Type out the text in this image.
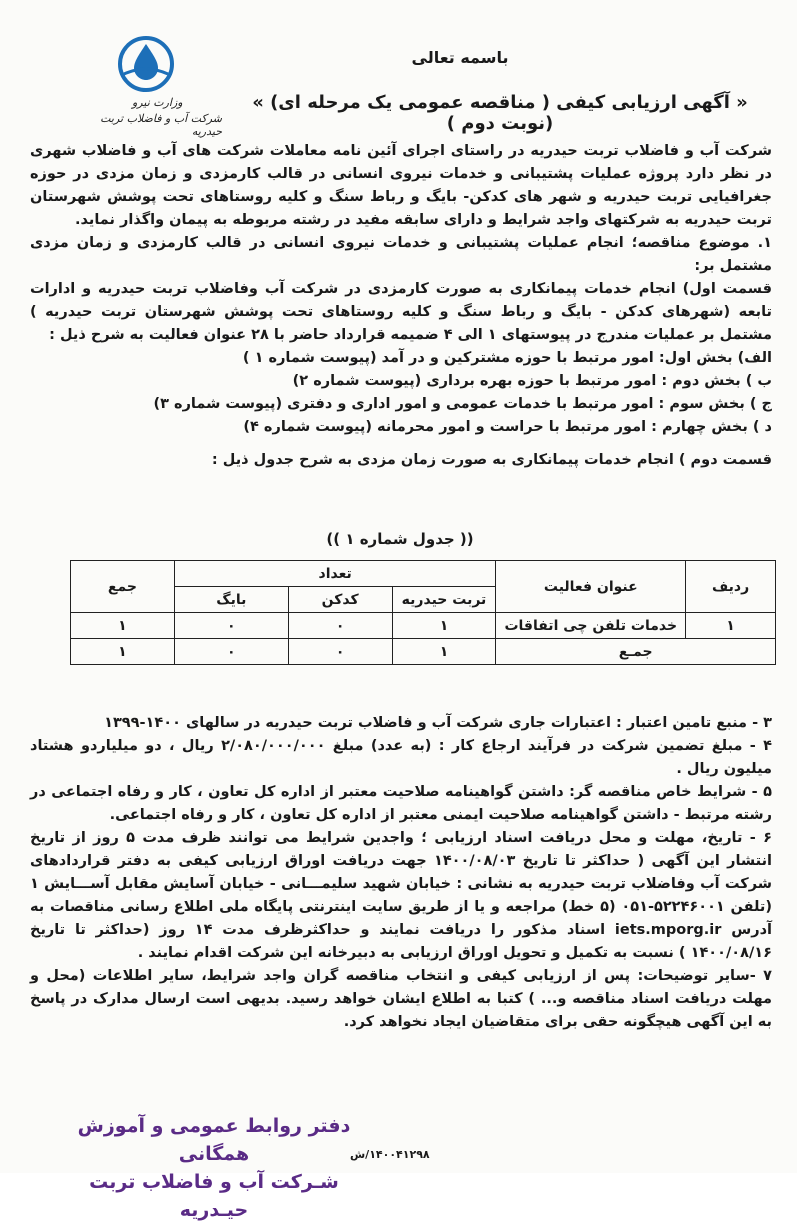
وزارت نیرو
شرکت آب و فاضلاب تربت حیدریه
باسمه تعالی
« آگهی ارزیابی کیفی ( مناقصه عمومی یک مرحله ای) » (نوبت دوم )

شرکت آب و فاضلاب تربت حیدریه در راستای اجرای آئین نامه معاملات شرکت های آب و فاضلاب شهری در نظر دارد پروژه عملیات پشتیبانی و خدمات نیروی انسانی در قالب کارمزدی و زمان مزدی در حوزه جغرافیایی تربت حیدریه و شهر های کدکن- بایگ و رباط سنگ و کلیه روستاهای تحت پوشش شهرستان تربت حیدریه به شرکتهای واجد شرایط و دارای سابقه مفید در رشته مربوطه به پیمان واگذار نماید.

۱. موضوع مناقصه؛ انجام عملیات پشتیبانی و خدمات نیروی انسانی در قالب کارمزدی و زمان مزدی مشتمل بر:

قسمت اول) انجام خدمات پیمانکاری به صورت کارمزدی در شرکت آب وفاضلاب تربت حیدریه و ادارات تابعه (شهرهای کدکن - بایگ و رباط سنگ و کلیه روستاهای تحت پوشش شهرستان تربت حیدریه ) مشتمل بر عملیات مندرج در پیوستهای ۱ الی ۴ ضمیمه قرارداد حاضر با ۲۸ عنوان فعالیت به شرح ذیل :

الف) بخش اول: امور مرتبط با حوزه مشترکین و در آمد (پیوست شماره ۱ )

ب ) بخش دوم : امور مرتبط با حوزه بهره برداری (پیوست شماره ۲)

ج ) بخش سوم : امور مرتبط با خدمات عمومی و امور اداری و دفتری (پیوست شماره ۳)

د ) بخش چهارم : امور مرتبط با حراست و امور محرمانه (پیوست شماره ۴)

قسمت دوم ) انجام خدمات پیمانکاری به صورت زمان مزدی به شرح جدول ذیل :

(( جدول شماره ۱ ))
ردیف	عنوان فعالیت	تعداد			جمع
		تربت حیدریه	کدکن	بایگ	
۱	خدمات تلفن چی اتفاقات	۱	۰	۰	۱
جمـع		۱	۰	۰	۱

۳ - منبع تامین اعتبار : اعتبارات جاری شرکت آب و فاضلاب تربت حیدریه در سالهای ۱۴۰۰-۱۳۹۹

۴ - مبلغ تضمین شرکت در فرآیند ارجاع کار : (به عدد) مبلغ ۲/۰۸۰/۰۰۰/۰۰۰ ریال ، دو میلیاردو هشتاد میلیون ریال .

۵ - شرایط خاص مناقصه گر: داشتن گواهینامه صلاحیت معتبر از اداره کل تعاون ، کار و رفاه اجتماعی در رشته مرتبط - داشتن گواهینامه صلاحیت ایمنی معتبر از اداره کل تعاون ، کار و رفاه اجتماعی.

۶ - تاریخ، مهلت و محل دریافت اسناد ارزیابی ؛ واجدین شرایط می توانند ظرف مدت ۵ روز از تاریخ انتشار این آگهی ( حداکثر تا تاریخ ۱۴۰۰/۰۸/۰۳ جهت دریافت اوراق ارزیابی کیفی به دفتر قراردادهای شرکت آب وفاضلاب تربت حیدریه به نشانی : خیابان شهید سلیمـــانی - خیابان آسایش مقابل آســـایش ۱ (تلفن ۵۲۲۴۶۰۰۱-۰۵۱ (۵ خط) مراجعه و یا از طریق سایت اینترنتی پایگاه ملی اطلاع رسانی مناقصات به آدرس iets.mporg.ir اسناد مذکور را دریافت نمایند و حداکثرظرف مدت ۱۴ روز (حداکثر تا تاریخ ۱۴۰۰/۰۸/۱۶ ) نسبت به تکمیل و تحویل اوراق ارزیابی به دبیرخانه این شرکت اقدام نمایند .

۷ -سایر توضیحات: پس از ارزیابی کیفی و انتخاب مناقصه گران واجد شرایط، سایر اطلاعات (محل و مهلت دریافت اسناد مناقصه و... ) کتبا به اطلاع ایشان خواهد رسید. بدیهی است ارسال مدارک در پاسخ به این آگهی هیچگونه حقی برای متقاضیان ایجاد نخواهد کرد.

دفتر روابط عمومی و آموزش همگانی
شـرکت آب و فاضلاب تربت حیـدریه
۱۴۰۰۴۱۲۹۸/ش
